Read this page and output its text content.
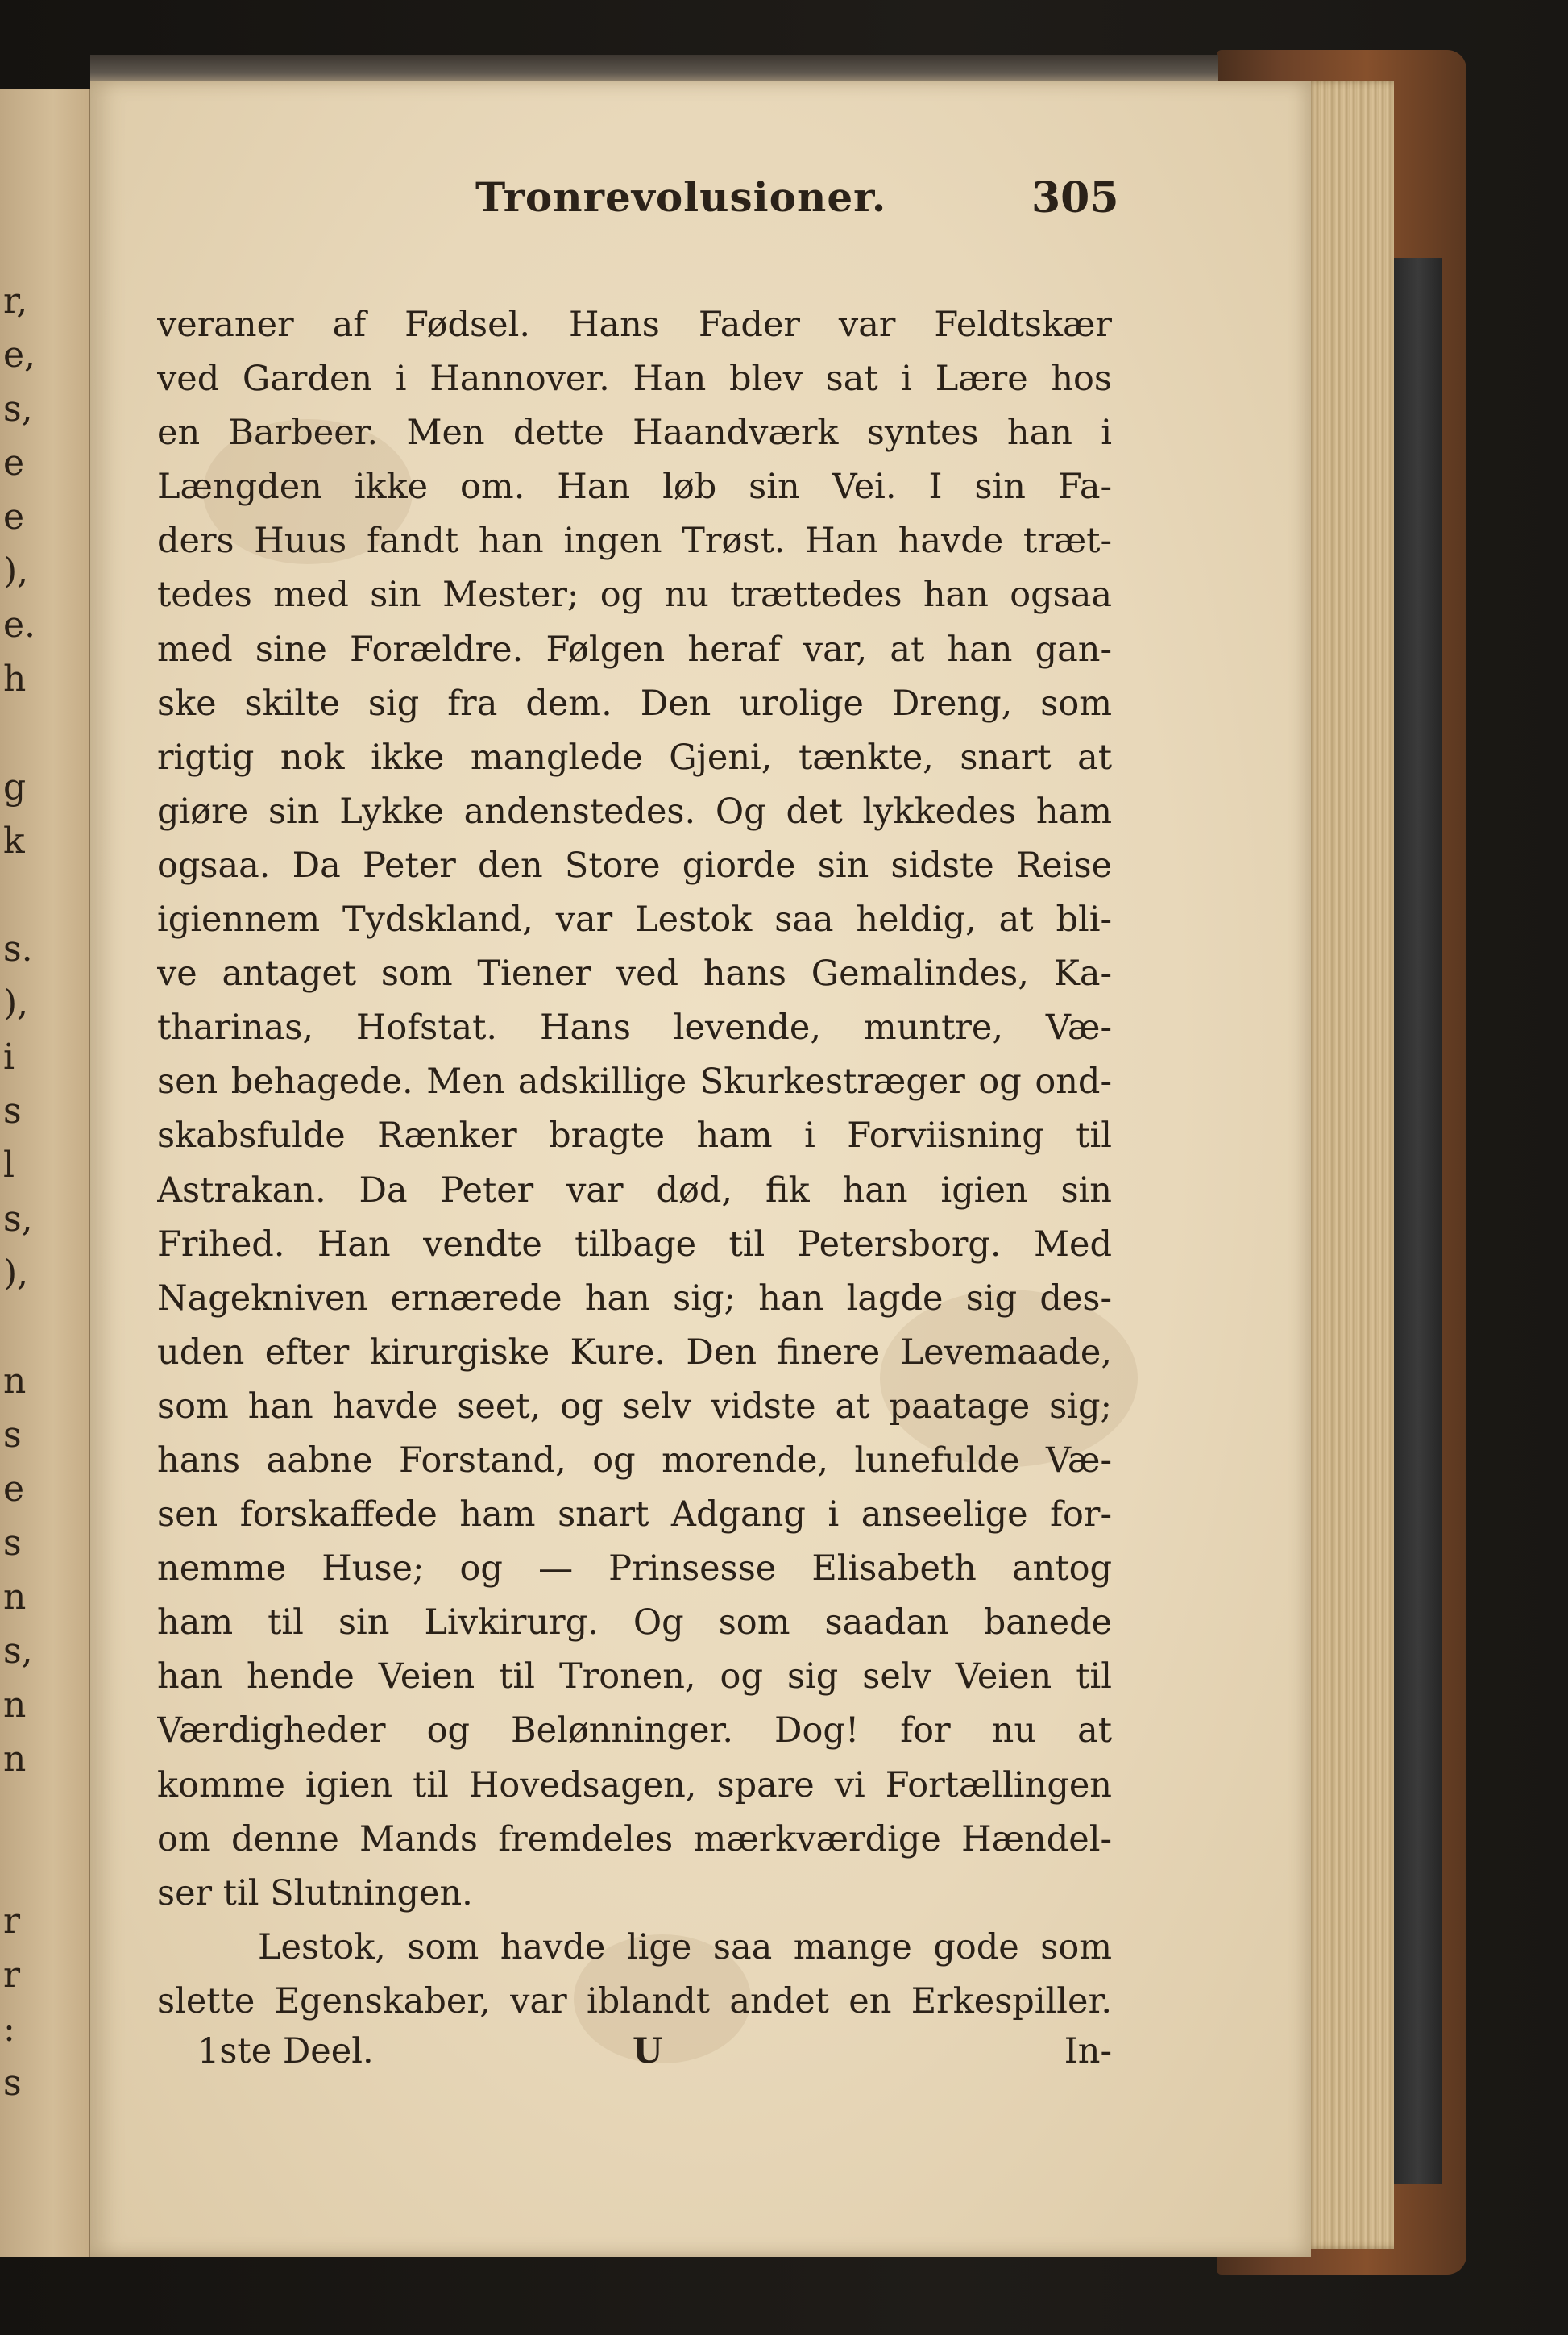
r,
e,
s,
e
e
),
e.
h
g
k
s.
),
i
s
l
s,
),
n
s
e
s
n
s,
n
n
r
r
:
s
Tronrevolusioner.	305
veraner af Fødsel. Hans Fader var Feldtskær
ved Garden i Hannover. Han blev sat i Lære hos
en Barbeer. Men dette Haandværk syntes han i
Længden ikke om. Han løb sin Vei. I sin Fa-
ders Huus fandt han ingen Trøst. Han havde træt-
tedes med sin Mester; og nu trættedes han ogsaa
med sine Forældre. Følgen heraf var, at han gan-
ske skilte sig fra dem. Den urolige Dreng, som
rigtig nok ikke manglede Gjeni, tænkte, snart at
giøre sin Lykke andenstedes. Og det lykkedes ham
ogsaa. Da Peter den Store giorde sin sidste Reise
igiennem Tydskland, var Lestok saa heldig, at bli-
ve antaget som Tiener ved hans Gemalindes, Ka-
tharinas, Hofstat. Hans levende, muntre, Væ-
sen behagede. Men adskillige Skurkestræger og ond-
skabsfulde Rænker bragte ham i Forviisning til
Astrakan. Da Peter var død, fik han igien sin
Frihed. Han vendte tilbage til Petersborg. Med
Nagekniven ernærede han sig; han lagde sig des-
uden efter kirurgiske Kure. Den finere Levemaade,
som han havde seet, og selv vidste at paatage sig;
hans aabne Forstand, og morende, lunefulde Væ-
sen forskaffede ham snart Adgang i anseelige for-
nemme Huse; og — Prinsesse Elisabeth antog
ham til sin Livkirurg. Og som saadan banede
han hende Veien til Tronen, og sig selv Veien til
Værdigheder og Belønninger. Dog! for nu at
komme igien til Hovedsagen, spare vi Fortællingen
om denne Mands fremdeles mærkværdige Hændel-
ser til Slutningen.
Lestok, som havde lige saa mange gode som
slette Egenskaber, var iblandt andet en Erkespiller.
1ste Deel.	U	In-
